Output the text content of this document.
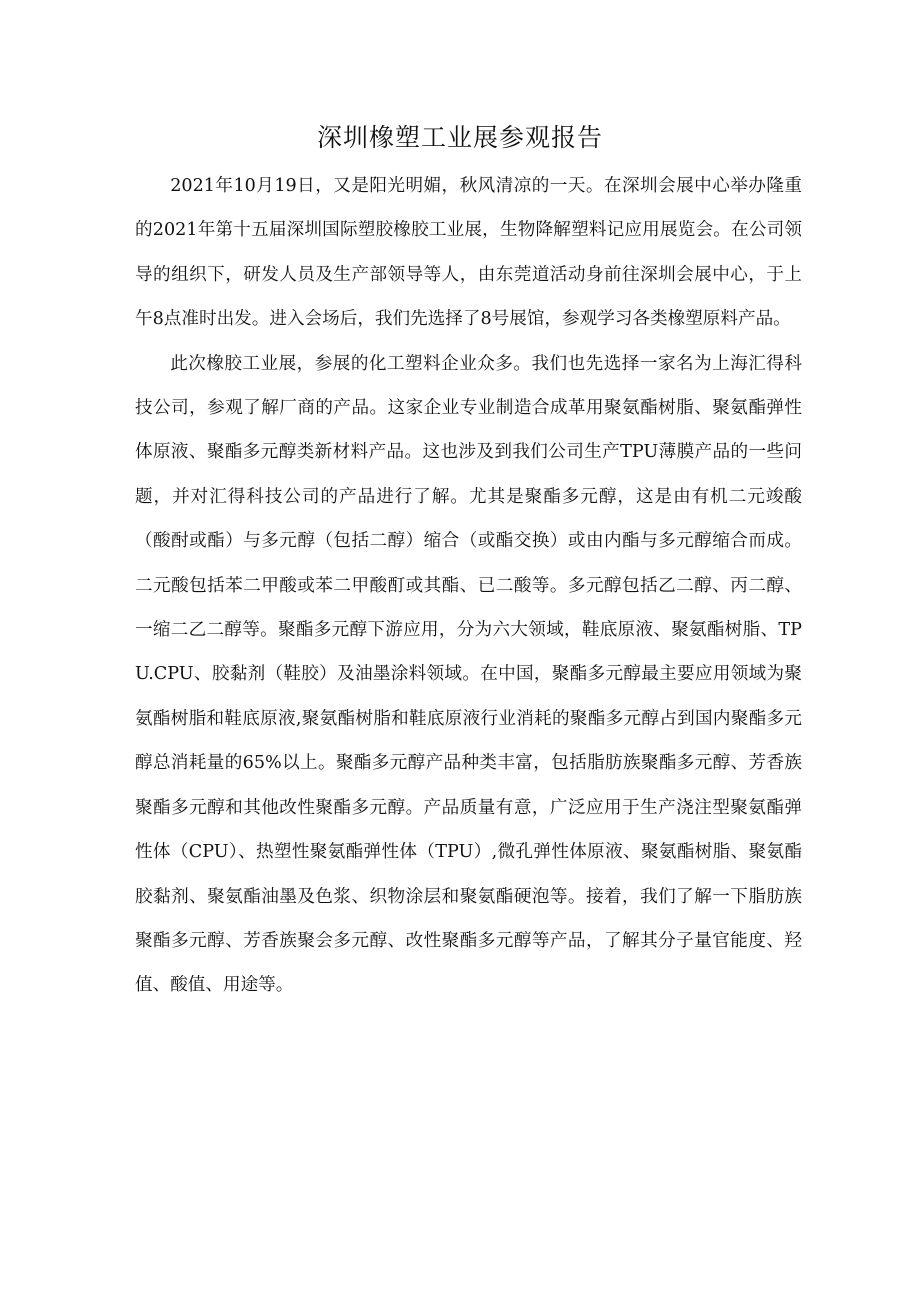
深圳橡塑工业展参观报告

2021年10月19日，又是阳光明媚，秋风清凉的一天。在深圳会展中心举办隆重的2021年第十五届深圳国际塑胶橡胶工业展，生物降解塑料记应用展览会。在公司领导的组织下，研发人员及生产部领导等人，由东莞道活动身前往深圳会展中心，于上午8点准时出发。进入会场后，我们先选择了8号展馆，参观学习各类橡塑原料产品。

此次橡胶工业展，参展的化工塑料企业众多。我们也先选择一家名为上海汇得科技公司，参观了解厂商的产品。这家企业专业制造合成革用聚氨酯树脂、聚氨酯弹性体原液、聚酯多元醇类新材料产品。这也涉及到我们公司生产TPU薄膜产品的一些问题，并对汇得科技公司的产品进行了解。尤其是聚酯多元醇，这是由有机二元竣酸（酸酎或酯）与多元醇（包括二醇）缩合（或酯交换）或由内酯与多元醇缩合而成。二元酸包括苯二甲酸或苯二甲酸酊或其酯、已二酸等。多元醇包括乙二醇、丙二醇、一缩二乙二醇等。聚酯多元醇下游应用，分为六大领域，鞋底原液、聚氨酯树脂、TPU.CPU、胶黏剂（鞋胶）及油墨涂料领域。在中国，聚酯多元醇最主要应用领域为聚氨酯树脂和鞋底原液,聚氨酯树脂和鞋底原液行业消耗的聚酯多元醇占到国内聚酯多元醇总消耗量的65%以上。聚酯多元醇产品种类丰富，包括脂肪族聚酯多元醇、芳香族聚酯多元醇和其他改性聚酯多元醇。产品质量有意，广泛应用于生产浇注型聚氨酯弹性体（CPU）、热塑性聚氨酯弹性体（TPU）,微孔弹性体原液、聚氨酯树脂、聚氨酯胶黏剂、聚氨酯油墨及色浆、织物涂层和聚氨酯硬泡等。接着，我们了解一下脂肪族聚酯多元醇、芳香族聚会多元醇、改性聚酯多元醇等产品，了解其分子量官能度、羟值、酸值、用途等。
